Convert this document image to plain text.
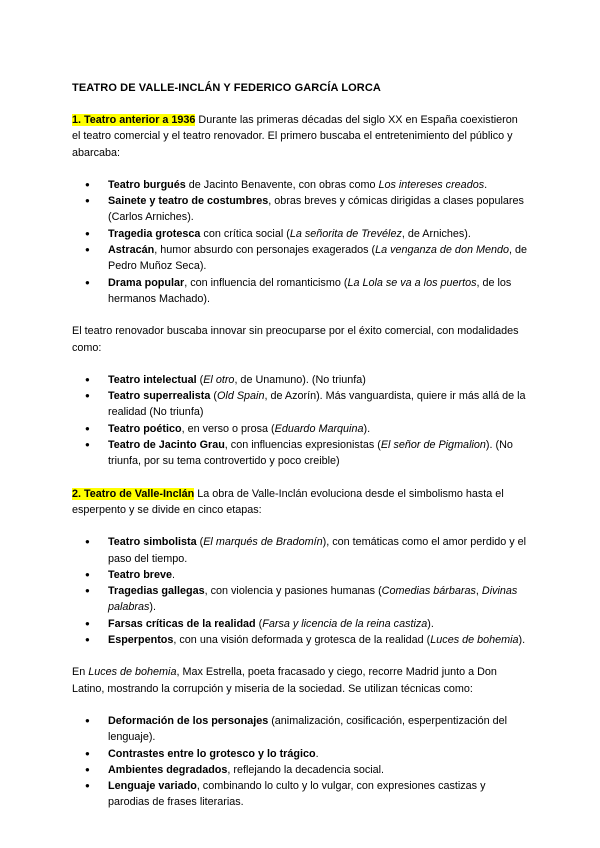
TEATRO DE VALLE-INCLÁN Y FEDERICO GARCÍA LORCA

1. Teatro anterior a 1936 Durante las primeras décadas del siglo XX en España coexistieron el teatro comercial y el teatro renovador. El primero buscaba el entretenimiento del público y abarcaba:

● Teatro burgués de Jacinto Benavente, con obras como Los intereses creados.
● Sainete y teatro de costumbres, obras breves y cómicas dirigidas a clases populares (Carlos Arniches).
● Tragedia grotesca con crítica social (La señorita de Trevélez, de Arniches).
● Astracán, humor absurdo con personajes exagerados (La venganza de don Mendo, de Pedro Muñoz Seca).
● Drama popular, con influencia del romanticismo (La Lola se va a los puertos, de los hermanos Machado).

El teatro renovador buscaba innovar sin preocuparse por el éxito comercial, con modalidades como:

● Teatro intelectual (El otro, de Unamuno). (No triunfa)
● Teatro superrealista (Old Spain, de Azorín). Más vanguardista, quiere ir más allá de la realidad (No triunfa)
● Teatro poético, en verso o prosa (Eduardo Marquina).
● Teatro de Jacinto Grau, con influencias expresionistas (El señor de Pigmalion). (No triunfa, por su tema controvertido y poco creible)

2. Teatro de Valle-Inclán La obra de Valle-Inclán evoluciona desde el simbolismo hasta el esperpento y se divide en cinco etapas:

● Teatro simbolista (El marqués de Bradomín), con temáticas como el amor perdido y el paso del tiempo.
● Teatro breve.
● Tragedias gallegas, con violencia y pasiones humanas (Comedias bárbaras, Divinas palabras).
● Farsas críticas de la realidad (Farsa y licencia de la reina castiza).
● Esperpentos, con una visión deformada y grotesca de la realidad (Luces de bohemia).

En Luces de bohemia, Max Estrella, poeta fracasado y ciego, recorre Madrid junto a Don Latino, mostrando la corrupción y miseria de la sociedad. Se utilizan técnicas como:

● Deformación de los personajes (animalización, cosificación, esperpentización del lenguaje).
● Contrastes entre lo grotesco y lo trágico.
● Ambientes degradados, reflejando la decadencia social.
● Lenguaje variado, combinando lo culto y lo vulgar, con expresiones castizas y parodias de frases literarias.
